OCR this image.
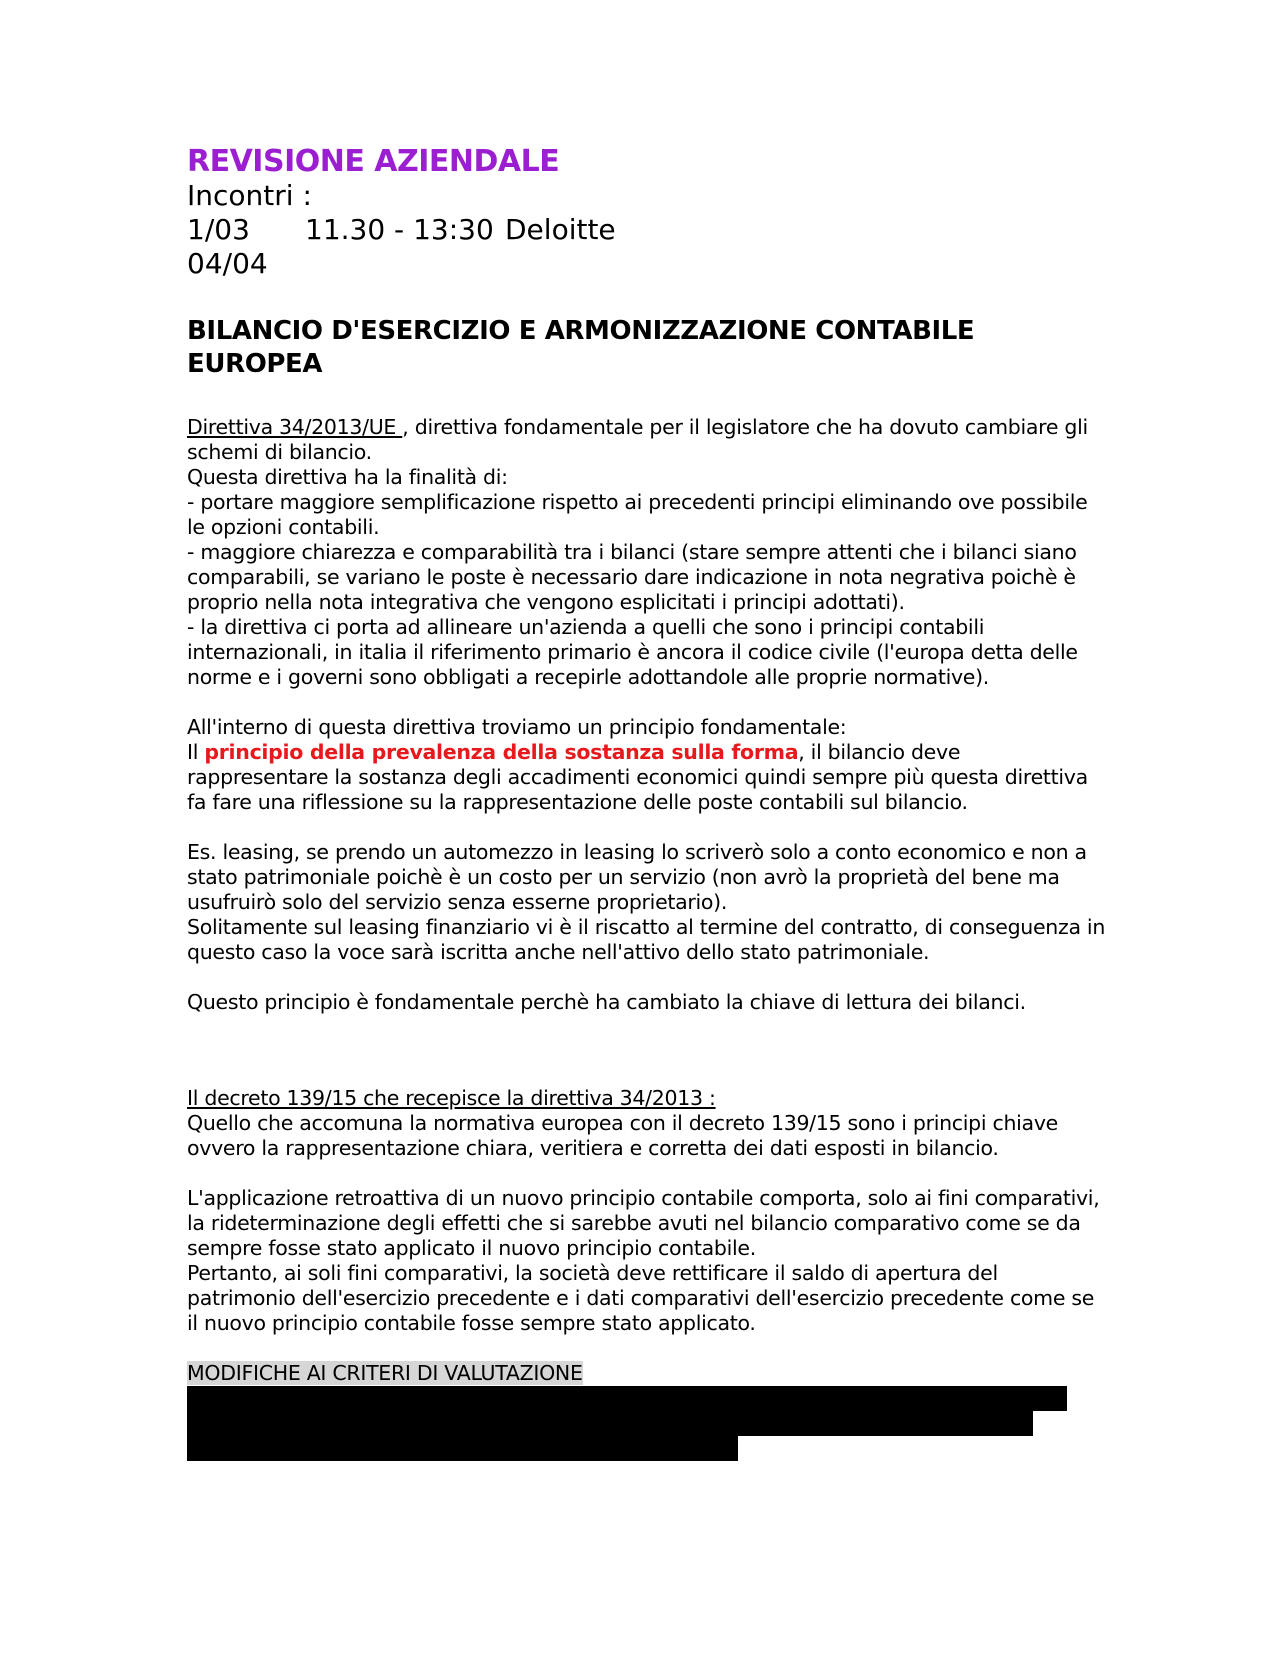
REVISIONE AZIENDALE
Incontri :
1/03	11.30 - 13:30 Deloitte
04/04
BILANCIO D'ESERCIZIO E ARMONIZZAZIONE CONTABILE
EUROPEA

Direttiva 34/2013/UE , direttiva fondamentale per il legislatore che ha dovuto cambiare gli schemi di bilancio.

Questa direttiva ha la finalità di:

- portare maggiore semplificazione rispetto ai precedenti principi eliminando ove possibile le opzioni contabili.

- maggiore chiarezza e comparabilità tra i bilanci (stare sempre attenti che i bilanci siano comparabili, se variano le poste è necessario dare indicazione in nota negrativa poichè è proprio nella nota integrativa che vengono esplicitati i principi adottati).

- la direttiva ci porta ad allineare un'azienda a quelli che sono i principi contabili internazionali, in italia il riferimento primario è ancora il codice civile (l'europa detta delle norme e i governi sono obbligati a recepirle adottandole alle proprie normative).

All'interno di questa direttiva troviamo un principio fondamentale:

Il principio della prevalenza della sostanza sulla forma, il bilancio deve rappresentare la sostanza degli accadimenti economici quindi sempre più questa direttiva fa fare una riflessione su la rappresentazione delle poste contabili sul bilancio.

Es. leasing, se prendo un automezzo in leasing lo scriverò solo a conto economico e non a stato patrimoniale poichè è un costo per un servizio (non avrò la proprietà del bene ma usufruirò solo del servizio senza esserne proprietario).

Solitamente sul leasing finanziario vi è il riscatto al termine del contratto, di conseguenza in questo caso la voce sarà iscritta anche nell'attivo dello stato patrimoniale.

Questo principio è fondamentale perchè ha cambiato la chiave di lettura dei bilanci.

Il decreto 139/15 che recepisce la direttiva 34/2013 :

Quello che accomuna la normativa europea con il decreto 139/15 sono i principi chiave ovvero la rappresentazione chiara, veritiera e corretta dei dati esposti in bilancio.

L'applicazione retroattiva di un nuovo principio contabile comporta, solo ai fini comparativi, la rideterminazione degli effetti che si sarebbe avuti nel bilancio comparativo come se da sempre fosse stato applicato il nuovo principio contabile.

Pertanto, ai soli fini comparativi, la società deve rettificare il saldo di apertura del patrimonio dell'esercizio precedente e i dati comparativi dell'esercizio precedente come se il nuovo principio contabile fosse sempre stato applicato.

MODIFICHE AI CRITERI DI VALUTAZIONE
